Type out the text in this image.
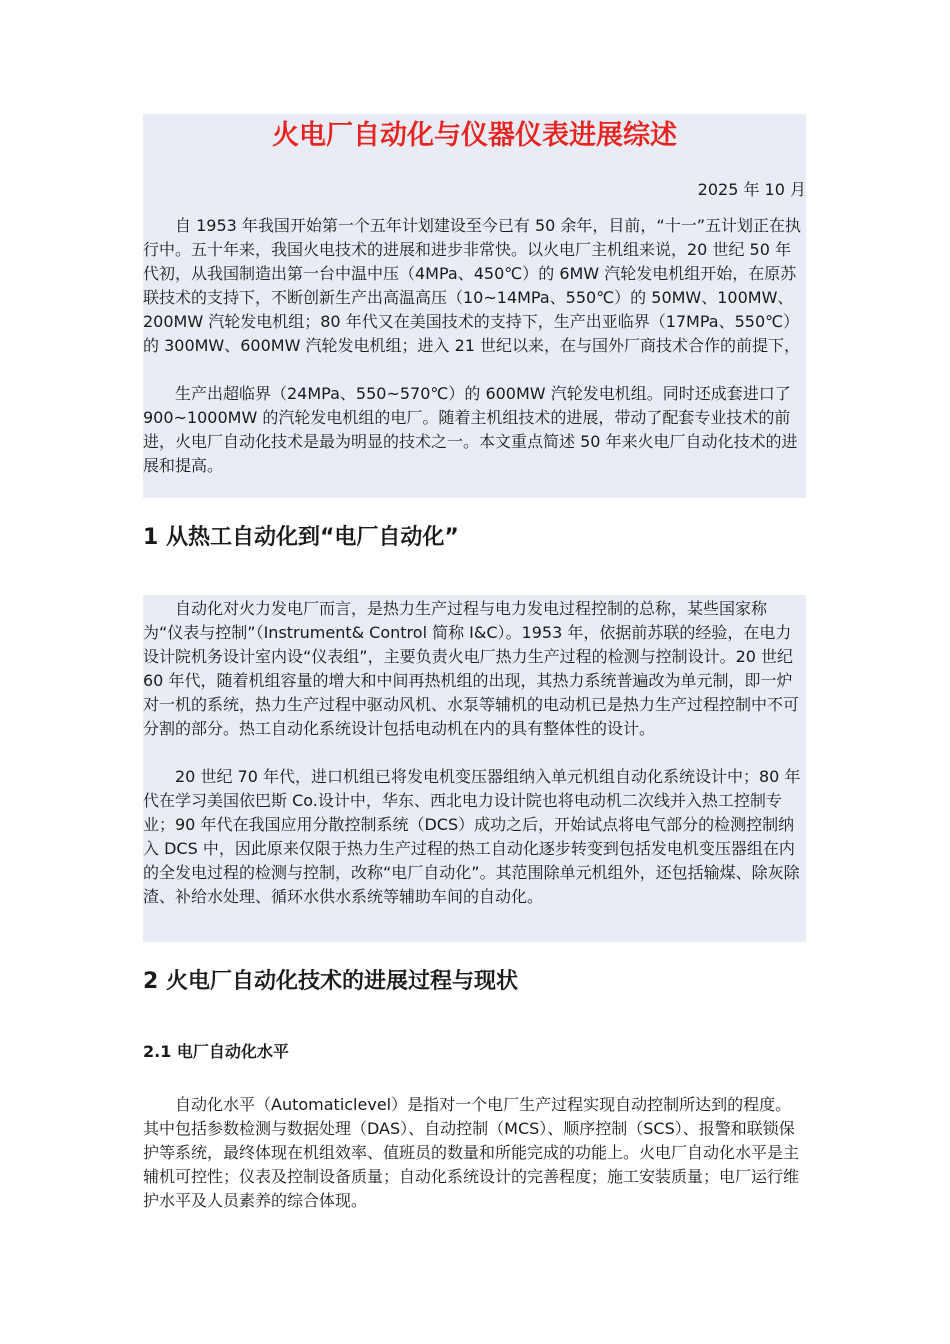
火电厂自动化与仪器仪表进展综述
2025 年 10 月

自 1953 年我国开始第一个五年计划建设至今已有 50 余年，目前，“十一”五计划正在执行中。五十年来，我国火电技术的进展和进步非常快。以火电厂主机组来说，20 世纪 50 年代初，从我国制造出第一台中温中压（4MPa、450℃）的 6MW 汽轮发电机组开始，在原苏联技术的支持下，不断创新生产出高温高压（10~14MPa、550℃）的 50MW、100MW、200MW 汽轮发电机组；80 年代又在美国技术的支持下，生产出亚临界（17MPa、550℃）的 300MW、600MW 汽轮发电机组；进入 21 世纪以来，在与国外厂商技术合作的前提下，

生产出超临界（24MPa、550~570℃）的 600MW 汽轮发电机组。同时还成套进口了 900~1000MW 的汽轮发电机组的电厂。随着主机组技术的进展，带动了配套专业技术的前进，火电厂自动化技术是最为明显的技术之一。本文重点简述 50 年来火电厂自动化技术的进展和提高。

1 从热工自动化到“电厂自动化”

自动化对火力发电厂而言，是热力生产过程与电力发电过程控制的总称，某些国家称为“仪表与控制”（Instrument& Control 简称 I&C）。1953 年，依据前苏联的经验，在电力设计院机务设计室内设“仪表组”，主要负责火电厂热力生产过程的检测与控制设计。20 世纪 60 年代，随着机组容量的增大和中间再热机组的出现，其热力系统普遍改为单元制，即一炉对一机的系统，热力生产过程中驱动风机、水泵等辅机的电动机已是热力生产过程控制中不可分割的部分。热工自动化系统设计包括电动机在内的具有整体性的设计。

20 世纪 70 年代，进口机组已将发电机变压器组纳入单元机组自动化系统设计中；80 年代在学习美国依巴斯 Co.设计中，华东、西北电力设计院也将电动机二次线并入热工控制专业；90 年代在我国应用分散控制系统（DCS）成功之后，开始试点将电气部分的检测控制纳入 DCS 中，因此原来仅限于热力生产过程的热工自动化逐步转变到包括发电机变压器组在内的全发电过程的检测与控制，改称“电厂自动化”。其范围除单元机组外，还包括输煤、除灰除渣、补给水处理、循环水供水系统等辅助车间的自动化。

2 火电厂自动化技术的进展过程与现状
2.1 电厂自动化水平

自动化水平（Automaticlevel）是指对一个电厂生产过程实现自动控制所达到的程度。其中包括参数检测与数据处理（DAS）、自动控制（MCS）、顺序控制（SCS）、报警和联锁保护等系统，最终体现在机组效率、值班员的数量和所能完成的功能上。火电厂自动化水平是主辅机可控性；仪表及控制设备质量；自动化系统设计的完善程度；施工安装质量；电厂运行维护水平及人员素养的综合体现。
